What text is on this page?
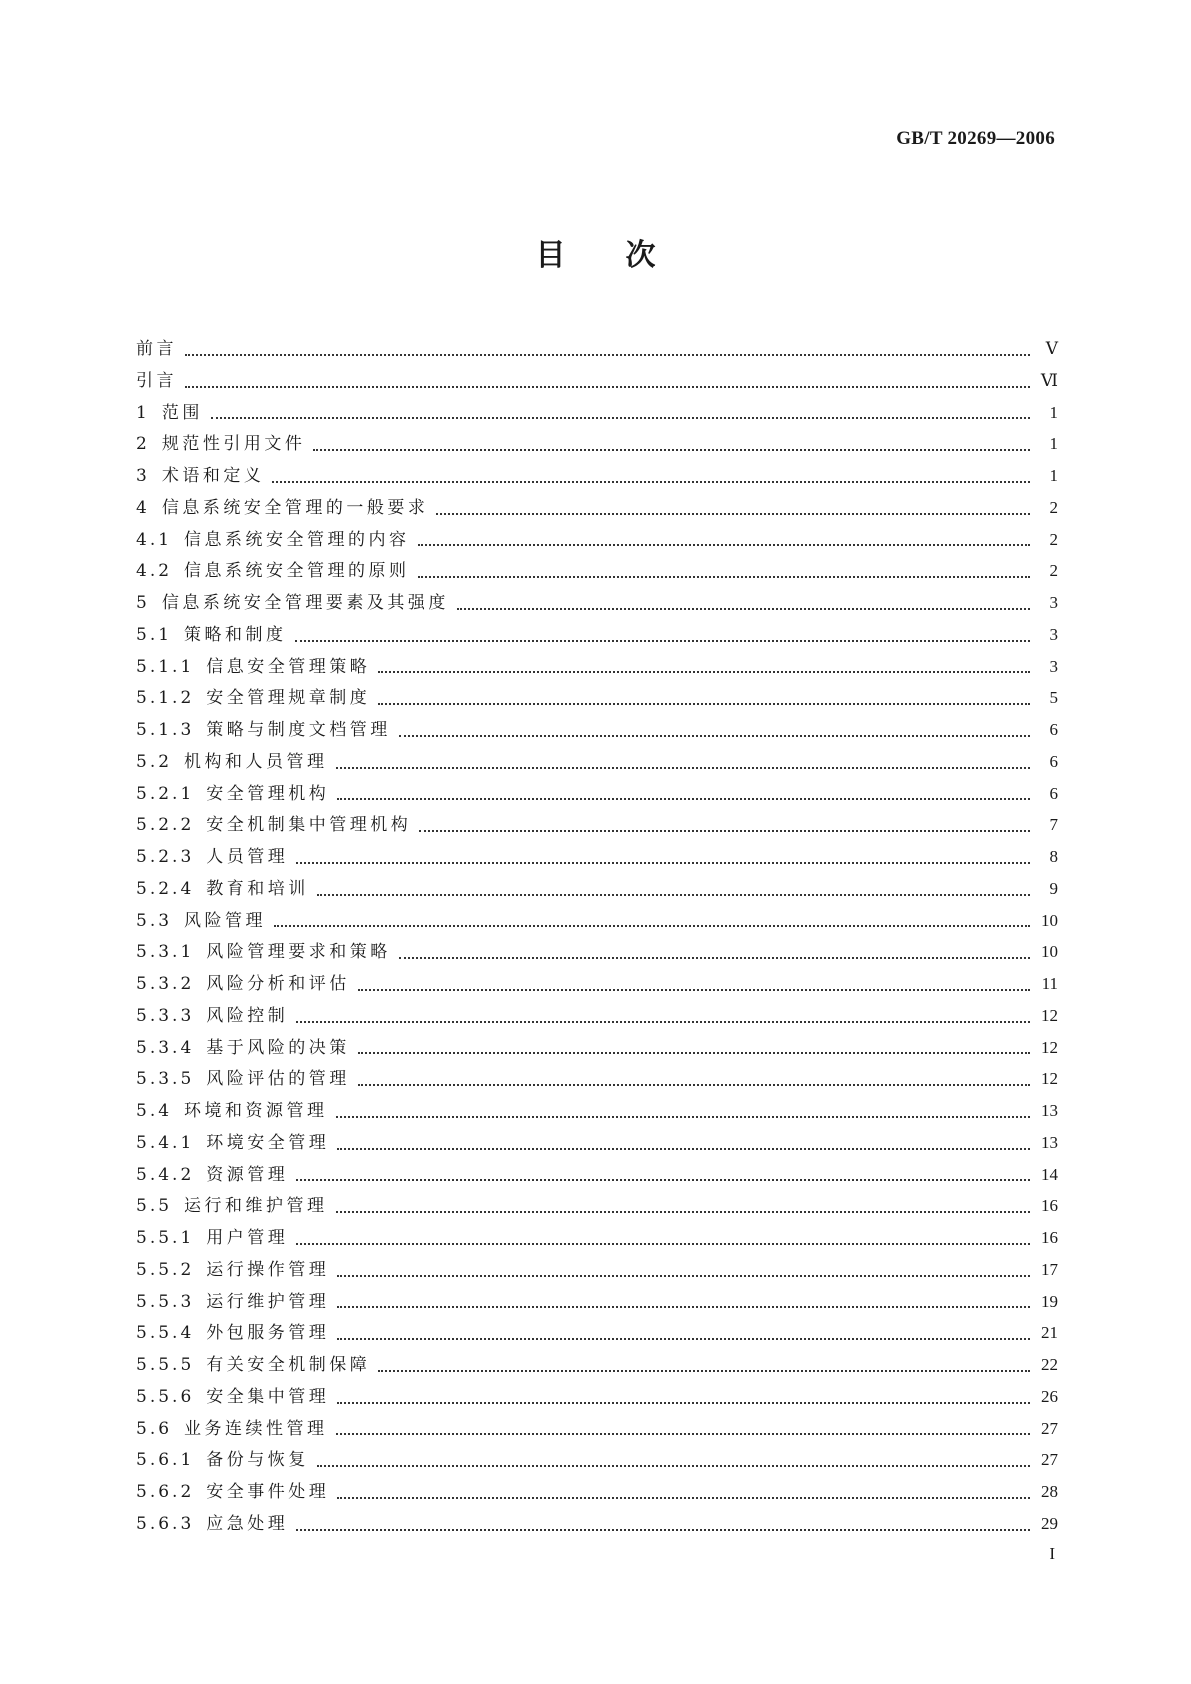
GB/T 20269—2006
目次
前言	Ⅴ
引言	Ⅵ
1 范围	1
2 规范性引用文件	1
3 术语和定义	1
4 信息系统安全管理的一般要求	2
4.1 信息系统安全管理的内容	2
4.2 信息系统安全管理的原则	2
5 信息系统安全管理要素及其强度	3
5.1 策略和制度	3
5.1.1 信息安全管理策略	3
5.1.2 安全管理规章制度	5
5.1.3 策略与制度文档管理	6
5.2 机构和人员管理	6
5.2.1 安全管理机构	6
5.2.2 安全机制集中管理机构	7
5.2.3 人员管理	8
5.2.4 教育和培训	9
5.3 风险管理	10
5.3.1 风险管理要求和策略	10
5.3.2 风险分析和评估	11
5.3.3 风险控制	12
5.3.4 基于风险的决策	12
5.3.5 风险评估的管理	12
5.4 环境和资源管理	13
5.4.1 环境安全管理	13
5.4.2 资源管理	14
5.5 运行和维护管理	16
5.5.1 用户管理	16
5.5.2 运行操作管理	17
5.5.3 运行维护管理	19
5.5.4 外包服务管理	21
5.5.5 有关安全机制保障	22
5.5.6 安全集中管理	26
5.6 业务连续性管理	27
5.6.1 备份与恢复	27
5.6.2 安全事件处理	28
5.6.3 应急处理	29
I
